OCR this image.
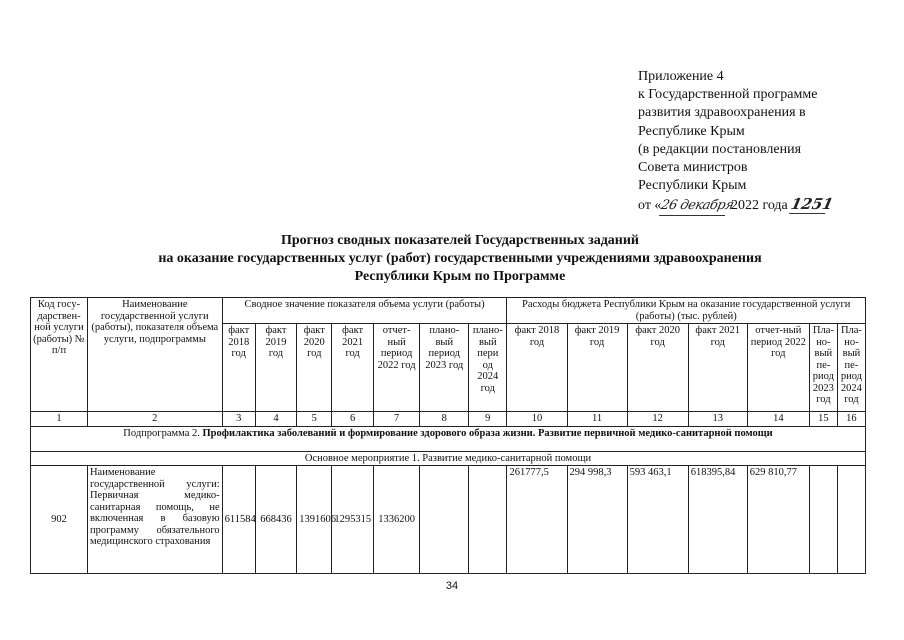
Приложение 4
к Государственной программе
развития здравоохранения в
Республике Крым
(в редакции постановления
Совета министров
Республики Крым
от «26 декабря 2022 года 1251
Прогноз сводных показателей Государственных заданий
на оказание государственных услуг (работ) государственными учреждениями здравоохранения
Республики Крым по Программе
Код госу-дарствен-ной услуги (работы) № п/п	Наименование государственной услуги (работы), показателя объема услуги, подпрограммы	Сводное значение показателя объема услуги (работы)							Расходы бюджета Республики Крым на оказание государственной услуги (работы) (тыс. рублей)						
		факт 2018 год	факт 2019 год	факт 2020 год	факт 2021 год	отчет-ный период 2022 год	плано-вый период 2023 год	плано-вый пери од 2024 год	факт 2018 год	факт 2019 год	факт 2020 год	факт 2021 год	отчет-ный период 2022 год	Пла-но-вый пе-риод 2023 год	Пла-но-вый пе-риод 2024 год
1	2	3	4	5	6	7	8	9	10	11	12	13	14	15	16
Подпрограмма 2. Профилактика заболеваний и формирование здорового образа жизни. Развитие первичной медико-санитарной помощи															
Основное мероприятие 1. Развитие медико-санитарной помощи															
902	Наименование государственной услуги: Первичная медико-санитарная помощь, не включенная в базовую программу обязательного медицинского страхования	611584	668436	1391606	1295315	1336200			261777,5	294 998,3	593 463,1	618395,84	629 810,77		
34
